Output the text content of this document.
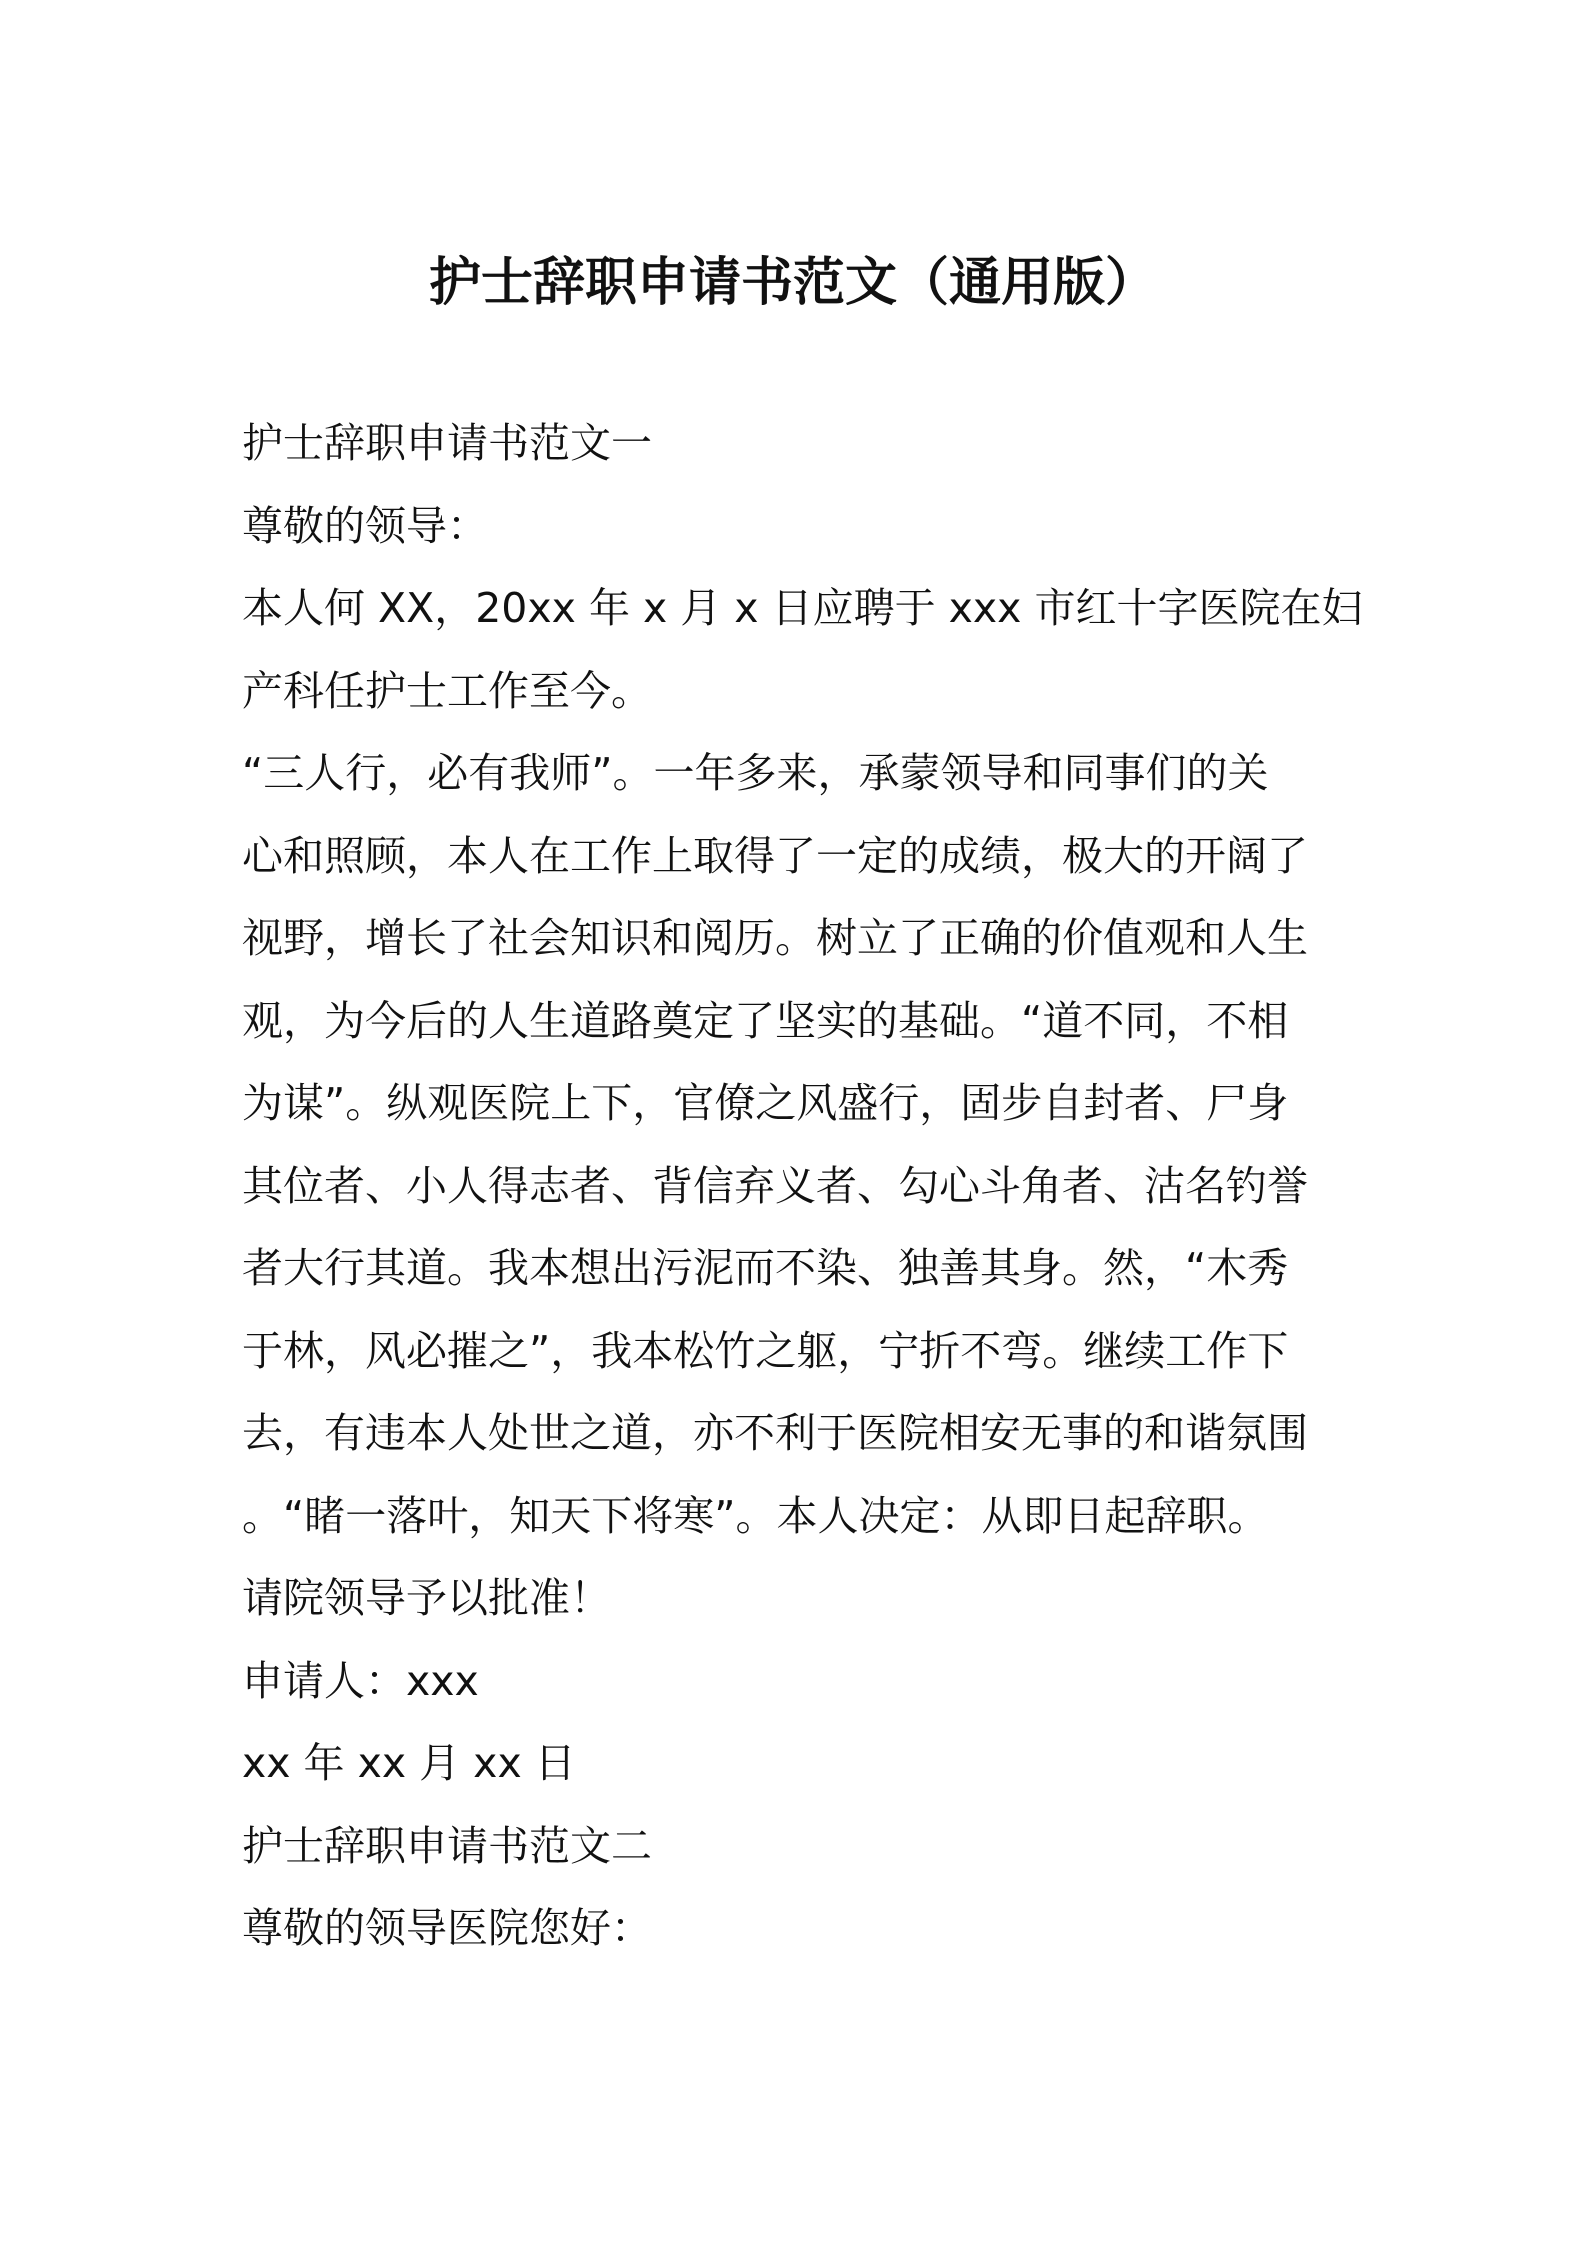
护士辞职申请书范文（通用版）
护士辞职申请书范文一
尊敬的领导：
本人何 XX，20xx 年 x 月 x 日应聘于 xxx 市红十字医院在妇
产科任护士工作至今。
“三人行，必有我师”。一年多来，承蒙领导和同事们的关
心和照顾，本人在工作上取得了一定的成绩，极大的开阔了
视野，增长了社会知识和阅历。树立了正确的价值观和人生
观，为今后的人生道路奠定了坚实的基础。“道不同，不相
为谋”。纵观医院上下，官僚之风盛行，固步自封者、尸身
其位者、小人得志者、背信弃义者、勾心斗角者、沽名钓誉
者大行其道。我本想出污泥而不染、独善其身。然，“木秀
于林，风必摧之”，我本松竹之躯，宁折不弯。继续工作下
去，有违本人处世之道，亦不利于医院相安无事的和谐氛围
。“睹一落叶，知天下将寒”。本人决定：从即日起辞职。
请院领导予以批准！
申请人：xxx
xx 年 xx 月 xx 日
护士辞职申请书范文二
尊敬的领导医院您好：
